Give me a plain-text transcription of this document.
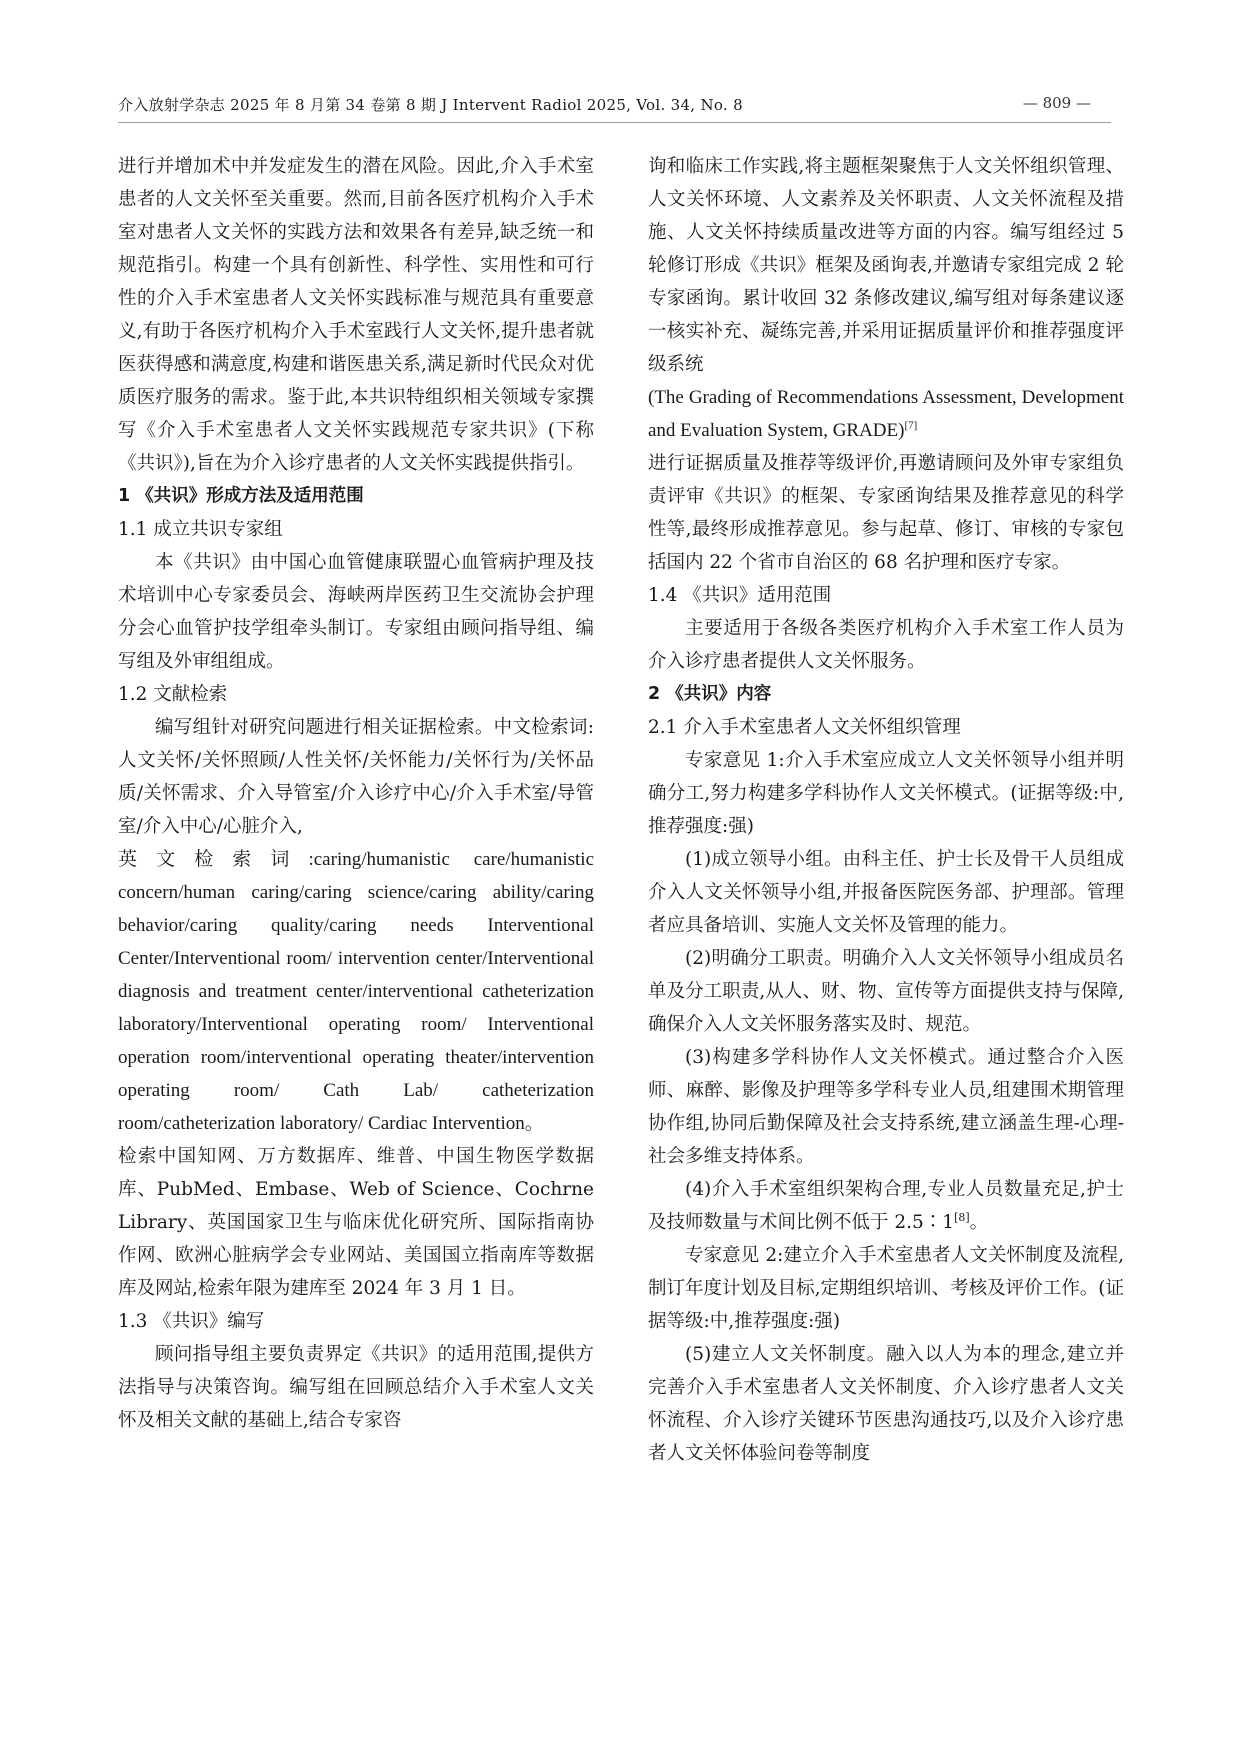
介入放射学杂志 2025 年 8 月第 34 卷第 8 期 J Intervent Radiol 2025, Vol. 34, No. 8	— 809 —

进行并增加术中并发症发生的潜在风险。因此,介入手术室患者的人文关怀至关重要。然而,目前各医疗机构介入手术室对患者人文关怀的实践方法和效果各有差异,缺乏统一和规范指引。构建一个具有创新性、科学性、实用性和可行性的介入手术室患者人文关怀实践标准与规范具有重要意义,有助于各医疗机构介入手术室践行人文关怀,提升患者就医获得感和满意度,构建和谐医患关系,满足新时代民众对优质医疗服务的需求。鉴于此,本共识特组织相关领域专家撰写《介入手术室患者人文关怀实践规范专家共识》(下称《共识》),旨在为介入诊疗患者的人文关怀实践提供指引。

1 《共识》形成方法及适用范围

1.1 成立共识专家组

本《共识》由中国心血管健康联盟心血管病护理及技术培训中心专家委员会、海峡两岸医药卫生交流协会护理分会心血管护技学组牵头制订。专家组由顾问指导组、编写组及外审组组成。

1.2 文献检索

编写组针对研究问题进行相关证据检索。中文检索词:人文关怀/关怀照顾/人性关怀/关怀能力/关怀行为/关怀品质/关怀需求、介入导管室/介入诊疗中心/介入手术室/导管室/介入中心/心脏介入,

英文检索词:caring/humanistic care/humanistic concern/human caring/caring science/caring ability/caring behavior/caring quality/caring needs Interventional Center/Interventional room/ intervention center/Interventional diagnosis and treatment center/interventional catheterization laboratory/Interventional operating room/ Interventional operation room/interventional operating theater/intervention operating room/ Cath Lab/ catheterization room/catheterization laboratory/ Cardiac Intervention。

检索中国知网、万方数据库、维普、中国生物医学数据库、PubMed、Embase、Web of Science、Cochrne Library、英国国家卫生与临床优化研究所、国际指南协作网、欧洲心脏病学会专业网站、美国国立指南库等数据库及网站,检索年限为建库至 2024 年 3 月 1 日。

1.3 《共识》编写

顾问指导组主要负责界定《共识》的适用范围,提供方法指导与决策咨询。编写组在回顾总结介入手术室人文关怀及相关文献的基础上,结合专家咨

询和临床工作实践,将主题框架聚焦于人文关怀组织管理、人文关怀环境、人文素养及关怀职责、人文关怀流程及措施、人文关怀持续质量改进等方面的内容。编写组经过 5 轮修订形成《共识》框架及函询表,并邀请专家组完成 2 轮专家函询。累计收回 32 条修改建议,编写组对每条建议逐一核实补充、凝练完善,并采用证据质量评价和推荐强度评级系统

(The Grading of Recommendations Assessment, Development and Evaluation System, GRADE)[7]

进行证据质量及推荐等级评价,再邀请顾问及外审专家组负责评审《共识》的框架、专家函询结果及推荐意见的科学性等,最终形成推荐意见。参与起草、修订、审核的专家包括国内 22 个省市自治区的 68 名护理和医疗专家。

1.4 《共识》适用范围

主要适用于各级各类医疗机构介入手术室工作人员为介入诊疗患者提供人文关怀服务。

2 《共识》内容

2.1 介入手术室患者人文关怀组织管理

专家意见 1:介入手术室应成立人文关怀领导小组并明确分工,努力构建多学科协作人文关怀模式。(证据等级:中,推荐强度:强)

(1)成立领导小组。由科主任、护士长及骨干人员组成介入人文关怀领导小组,并报备医院医务部、护理部。管理者应具备培训、实施人文关怀及管理的能力。

(2)明确分工职责。明确介入人文关怀领导小组成员名单及分工职责,从人、财、物、宣传等方面提供支持与保障,确保介入人文关怀服务落实及时、规范。

(3)构建多学科协作人文关怀模式。通过整合介入医师、麻醉、影像及护理等多学科专业人员,组建围术期管理协作组,协同后勤保障及社会支持系统,建立涵盖生理-心理-社会多维支持体系。

(4)介入手术室组织架构合理,专业人员数量充足,护士及技师数量与术间比例不低于 2.5∶1[8]。

专家意见 2:建立介入手术室患者人文关怀制度及流程,制订年度计划及目标,定期组织培训、考核及评价工作。(证据等级:中,推荐强度:强)

(5)建立人文关怀制度。融入以人为本的理念,建立并完善介入手术室患者人文关怀制度、介入诊疗患者人文关怀流程、介入诊疗关键环节医患沟通技巧,以及介入诊疗患者人文关怀体验问卷等制度
